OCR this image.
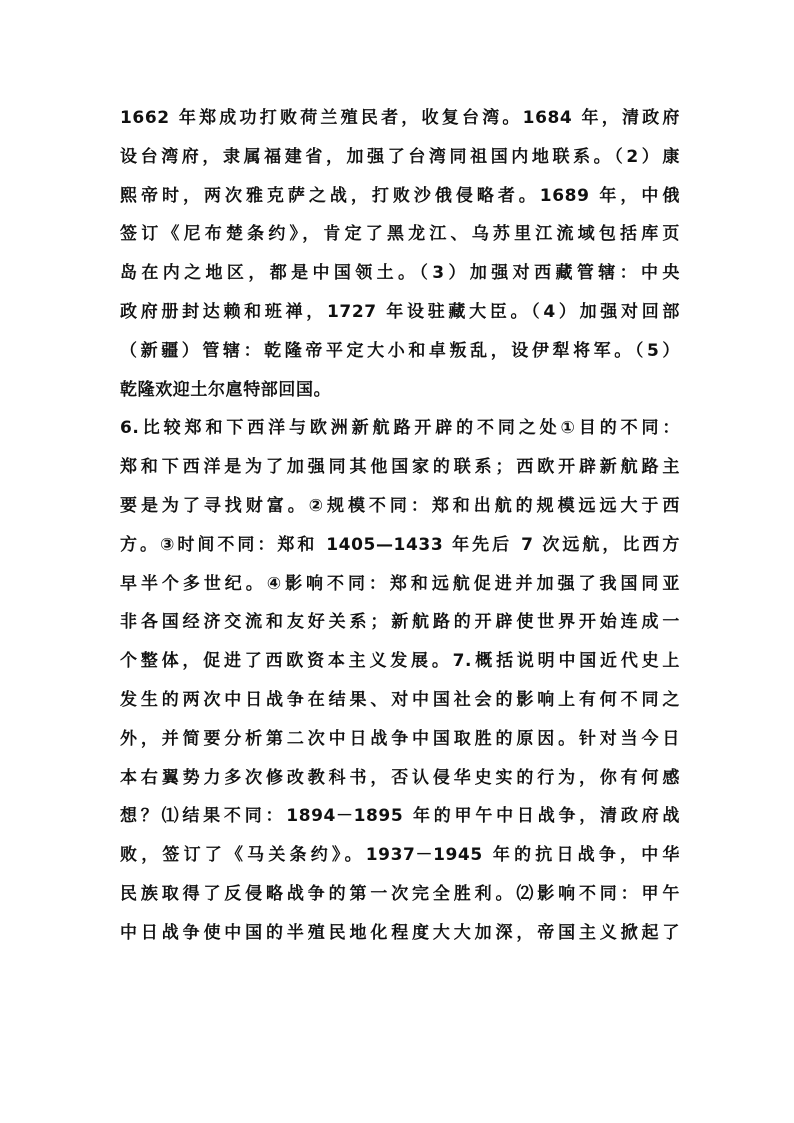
1662 年郑成功打败荷兰殖民者，收复台湾。1684 年，清政府
设台湾府，隶属福建省，加强了台湾同祖国内地联系。（2）康
熙帝时，两次雅克萨之战，打败沙俄侵略者。1689 年，中俄
签订《尼布楚条约》，肯定了黑龙江、乌苏里江流域包括库页
岛在内之地区，都是中国领土。（3）加强对西藏管辖：中央
政府册封达赖和班禅，1727 年设驻藏大臣。（4）加强对回部
（新疆）管辖：乾隆帝平定大小和卓叛乱，设伊犁将军。（5）
乾隆欢迎土尔扈特部回国。
6.比较郑和下西洋与欧洲新航路开辟的不同之处①目的不同：
郑和下西洋是为了加强同其他国家的联系；西欧开辟新航路主
要是为了寻找财富。②规模不同：郑和出航的规模远远大于西
方。③时间不同：郑和 1405—1433 年先后 7 次远航，比西方
早半个多世纪。④影响不同：郑和远航促进并加强了我国同亚
非各国经济交流和友好关系；新航路的开辟使世界开始连成一
个整体，促进了西欧资本主义发展。7.概括说明中国近代史上
发生的两次中日战争在结果、对中国社会的影响上有何不同之
外，并简要分析第二次中日战争中国取胜的原因。针对当今日
本右翼势力多次修改教科书，否认侵华史实的行为，你有何感
想？⑴结果不同：1894－1895 年的甲午中日战争，清政府战
败，签订了《马关条约》。1937－1945 年的抗日战争，中华
民族取得了反侵略战争的第一次完全胜利。⑵影响不同：甲午
中日战争使中国的半殖民地化程度大大加深，帝国主义掀起了
